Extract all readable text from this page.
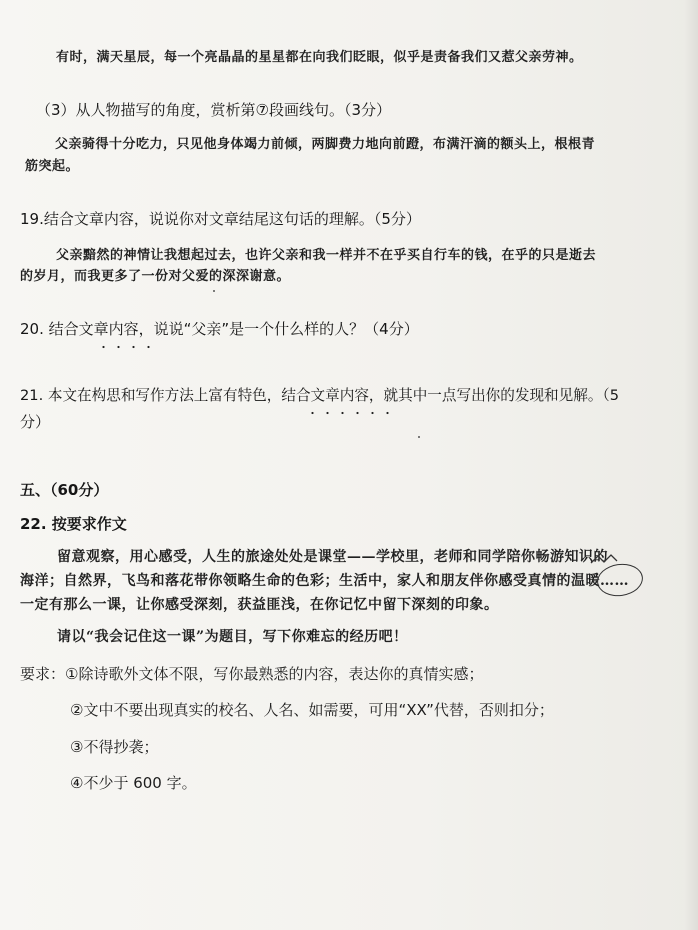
有时，满天星辰，每一个亮晶晶的星星都在向我们眨眼，似乎是责备我们又惹父亲劳神。
（3）从人物描写的角度，赏析第⑦段画线句。（3分）
父亲骑得十分吃力，只见他身体竭力前倾，两脚费力地向前蹬，布满汗滴的额头上，根根青
筋突起。
19.结合文章内容，说说你对文章结尾这句话的理解。（5分）
父亲黯然的神情让我想起过去，也许父亲和我一样并不在乎买自行车的钱，在乎的只是逝去
的岁月，而我更多了一份对父爱的深深谢意。
20. 结合文章内容，说说“父亲”是一个什么样的人？（4分）
21. 本文在构思和写作方法上富有特色，结合文章内容，就其中一点写出你的发现和见解。（5
分）
五、（60分）
22. 按要求作文
留意观察，用心感受，人生的旅途处处是课堂——学校里，老师和同学陪你畅游知识的
海洋；自然界，飞鸟和落花带你领略生命的色彩；生活中，家人和朋友伴你感受真情的温暖……
一定有那么一课，让你感受深刻，获益匪浅，在你记忆中留下深刻的印象。
请以“我会记住这一课”为题目，写下你难忘的经历吧！
要求：①除诗歌外文体不限，写你最熟悉的内容，表达你的真情实感；
②文中不要出现真实的校名、人名、如需要，可用“XX”代替，否则扣分；
③不得抄袭；
④不少于 600 字。
